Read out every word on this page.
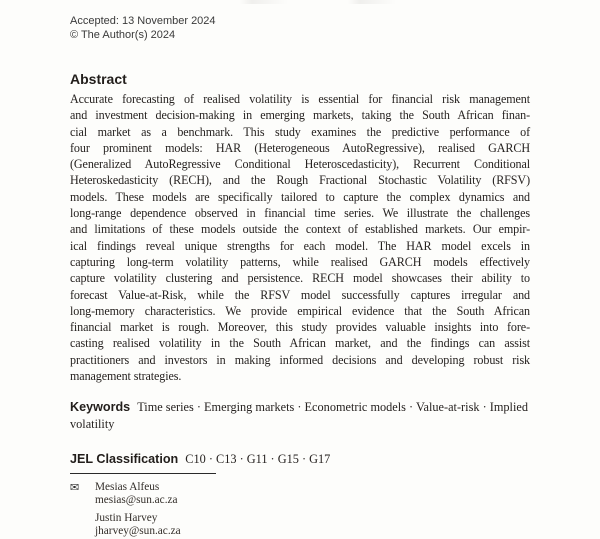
Accepted: 13 November 2024
© The Author(s) 2024
Abstract
Accurate forecasting of realised volatility is essential for financial risk management
and investment decision-making in emerging markets, taking the South African finan-
cial market as a benchmark. This study examines the predictive performance of
four prominent models: HAR (Heterogeneous AutoRegressive), realised GARCH
(Generalized AutoRegressive Conditional Heteroscedasticity), Recurrent Conditional
Heteroskedasticity (RECH), and the Rough Fractional Stochastic Volatility (RFSV)
models. These models are specifically tailored to capture the complex dynamics and
long-range dependence observed in financial time series. We illustrate the challenges
and limitations of these models outside the context of established markets. Our empir-
ical findings reveal unique strengths for each model. The HAR model excels in
capturing long-term volatility patterns, while realised GARCH models effectively
capture volatility clustering and persistence. RECH model showcases their ability to
forecast Value-at-Risk, while the RFSV model successfully captures irregular and
long-memory characteristics. We provide empirical evidence that the South African
financial market is rough. Moreover, this study provides valuable insights into fore-
casting realised volatility in the South African market, and the findings can assist
practitioners and investors in making informed decisions and developing robust risk
management strategies.

Keywords Time series · Emerging markets · Econometric models · Value-at-risk · Implied volatility

JEL Classification C10 · C13 · G11 · G15 · G17

✉	Mesias Alfeus
mesias@sun.ac.za
Justin Harvey
jharvey@sun.ac.za
